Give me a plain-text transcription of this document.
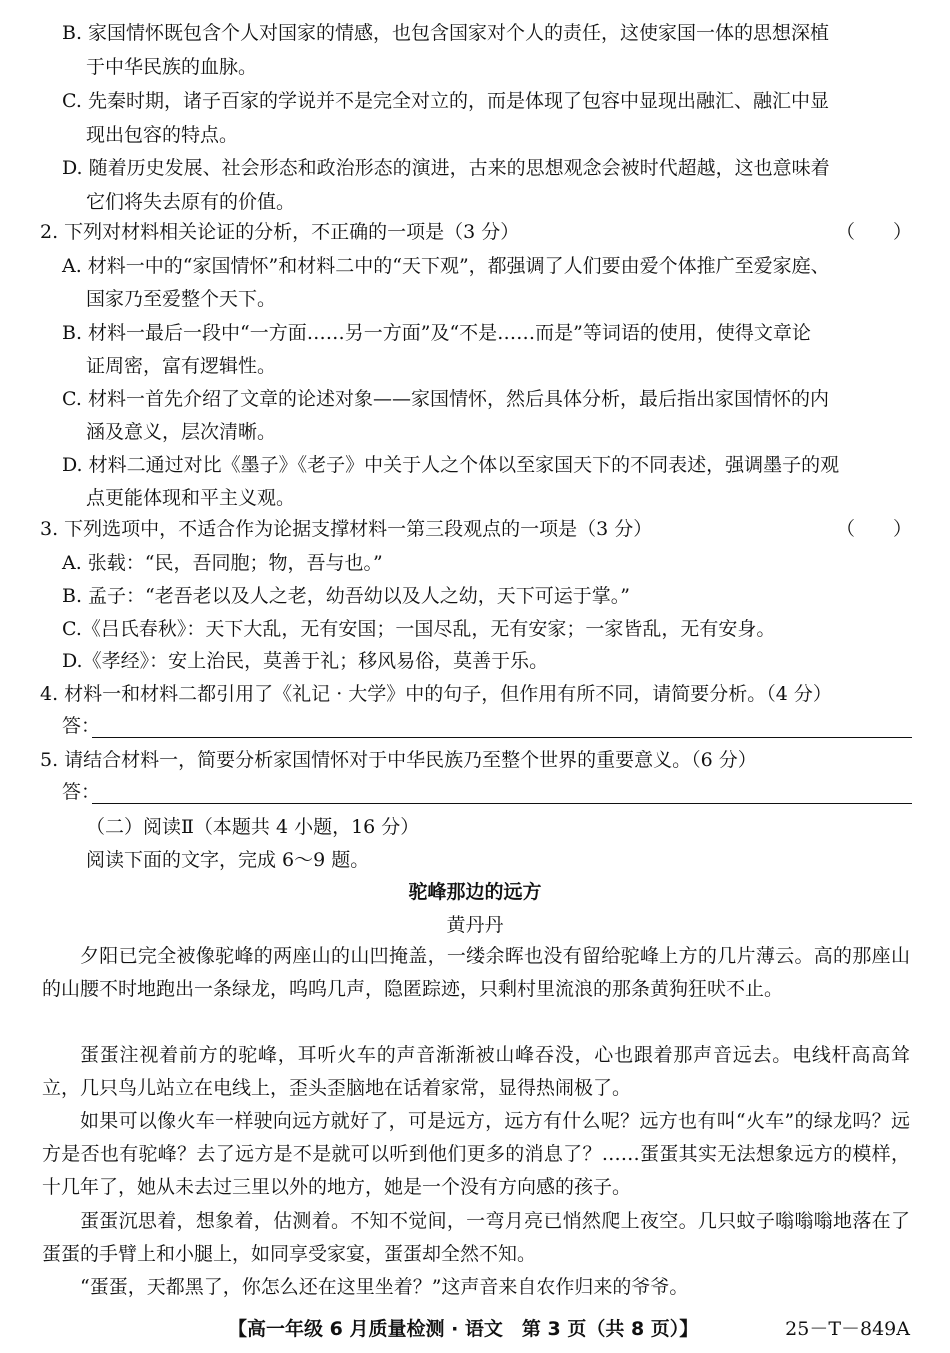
B. 家国情怀既包含个人对国家的情感，也包含国家对个人的责任，这使家国一体的思想深植
于中华民族的血脉。
C. 先秦时期，诸子百家的学说并不是完全对立的，而是体现了包容中显现出融汇、融汇中显
现出包容的特点。
D. 随着历史发展、社会形态和政治形态的演进，古来的思想观念会被时代超越，这也意味着
它们将失去原有的价值。
2. 下列对材料相关论证的分析，不正确的一项是（3 分）	（　　）
A. 材料一中的“家国情怀”和材料二中的“天下观”，都强调了人们要由爱个体推广至爱家庭、
国家乃至爱整个天下。
B. 材料一最后一段中“一方面……另一方面”及“不是……而是”等词语的使用，使得文章论
证周密，富有逻辑性。
C. 材料一首先介绍了文章的论述对象——家国情怀，然后具体分析，最后指出家国情怀的内
涵及意义，层次清晰。
D. 材料二通过对比《墨子》《老子》中关于人之个体以至家国天下的不同表述，强调墨子的观
点更能体现和平主义观。
3. 下列选项中，不适合作为论据支撑材料一第三段观点的一项是（3 分）	（　　）
A. 张载：“民，吾同胞；物，吾与也。”
B. 孟子：“老吾老以及人之老，幼吾幼以及人之幼，天下可运于掌。”
C.《吕氏春秋》：天下大乱，无有安国；一国尽乱，无有安家；一家皆乱，无有安身。
D.《孝经》：安上治民，莫善于礼；移风易俗，莫善于乐。
4. 材料一和材料二都引用了《礼记 · 大学》中的句子，但作用有所不同，请简要分析。（4 分）
答：
5. 请结合材料一，简要分析家国情怀对于中华民族乃至整个世界的重要意义。（6 分）
答：
（二）阅读Ⅱ（本题共 4 小题，16 分）
阅读下面的文字，完成 6～9 题。
驼峰那边的远方
黄丹丹
夕阳已完全被像驼峰的两座山的山凹掩盖，一缕余晖也没有留给驼峰上方的几片薄云。高的那座山的山腰不时地跑出一条绿龙，呜呜几声，隐匿踪迹，只剩村里流浪的那条黄狗狂吠不止。
蛋蛋注视着前方的驼峰，耳听火车的声音渐渐被山峰吞没，心也跟着那声音远去。电线杆高高耸立，几只鸟儿站立在电线上，歪头歪脑地在话着家常，显得热闹极了。
如果可以像火车一样驶向远方就好了，可是远方，远方有什么呢？远方也有叫“火车”的绿龙吗？远方是否也有驼峰？去了远方是不是就可以听到他们更多的消息了？……蛋蛋其实无法想象远方的模样，十几年了，她从未去过三里以外的地方，她是一个没有方向感的孩子。
蛋蛋沉思着，想象着，估测着。不知不觉间，一弯月亮已悄然爬上夜空。几只蚊子嗡嗡嗡地落在了蛋蛋的手臂上和小腿上，如同享受家宴，蛋蛋却全然不知。
“蛋蛋，天都黑了，你怎么还在这里坐着？”这声音来自农作归来的爷爷。
【高一年级 6 月质量检测 · 语文　第 3 页（共 8 页）】	25－T－849A
